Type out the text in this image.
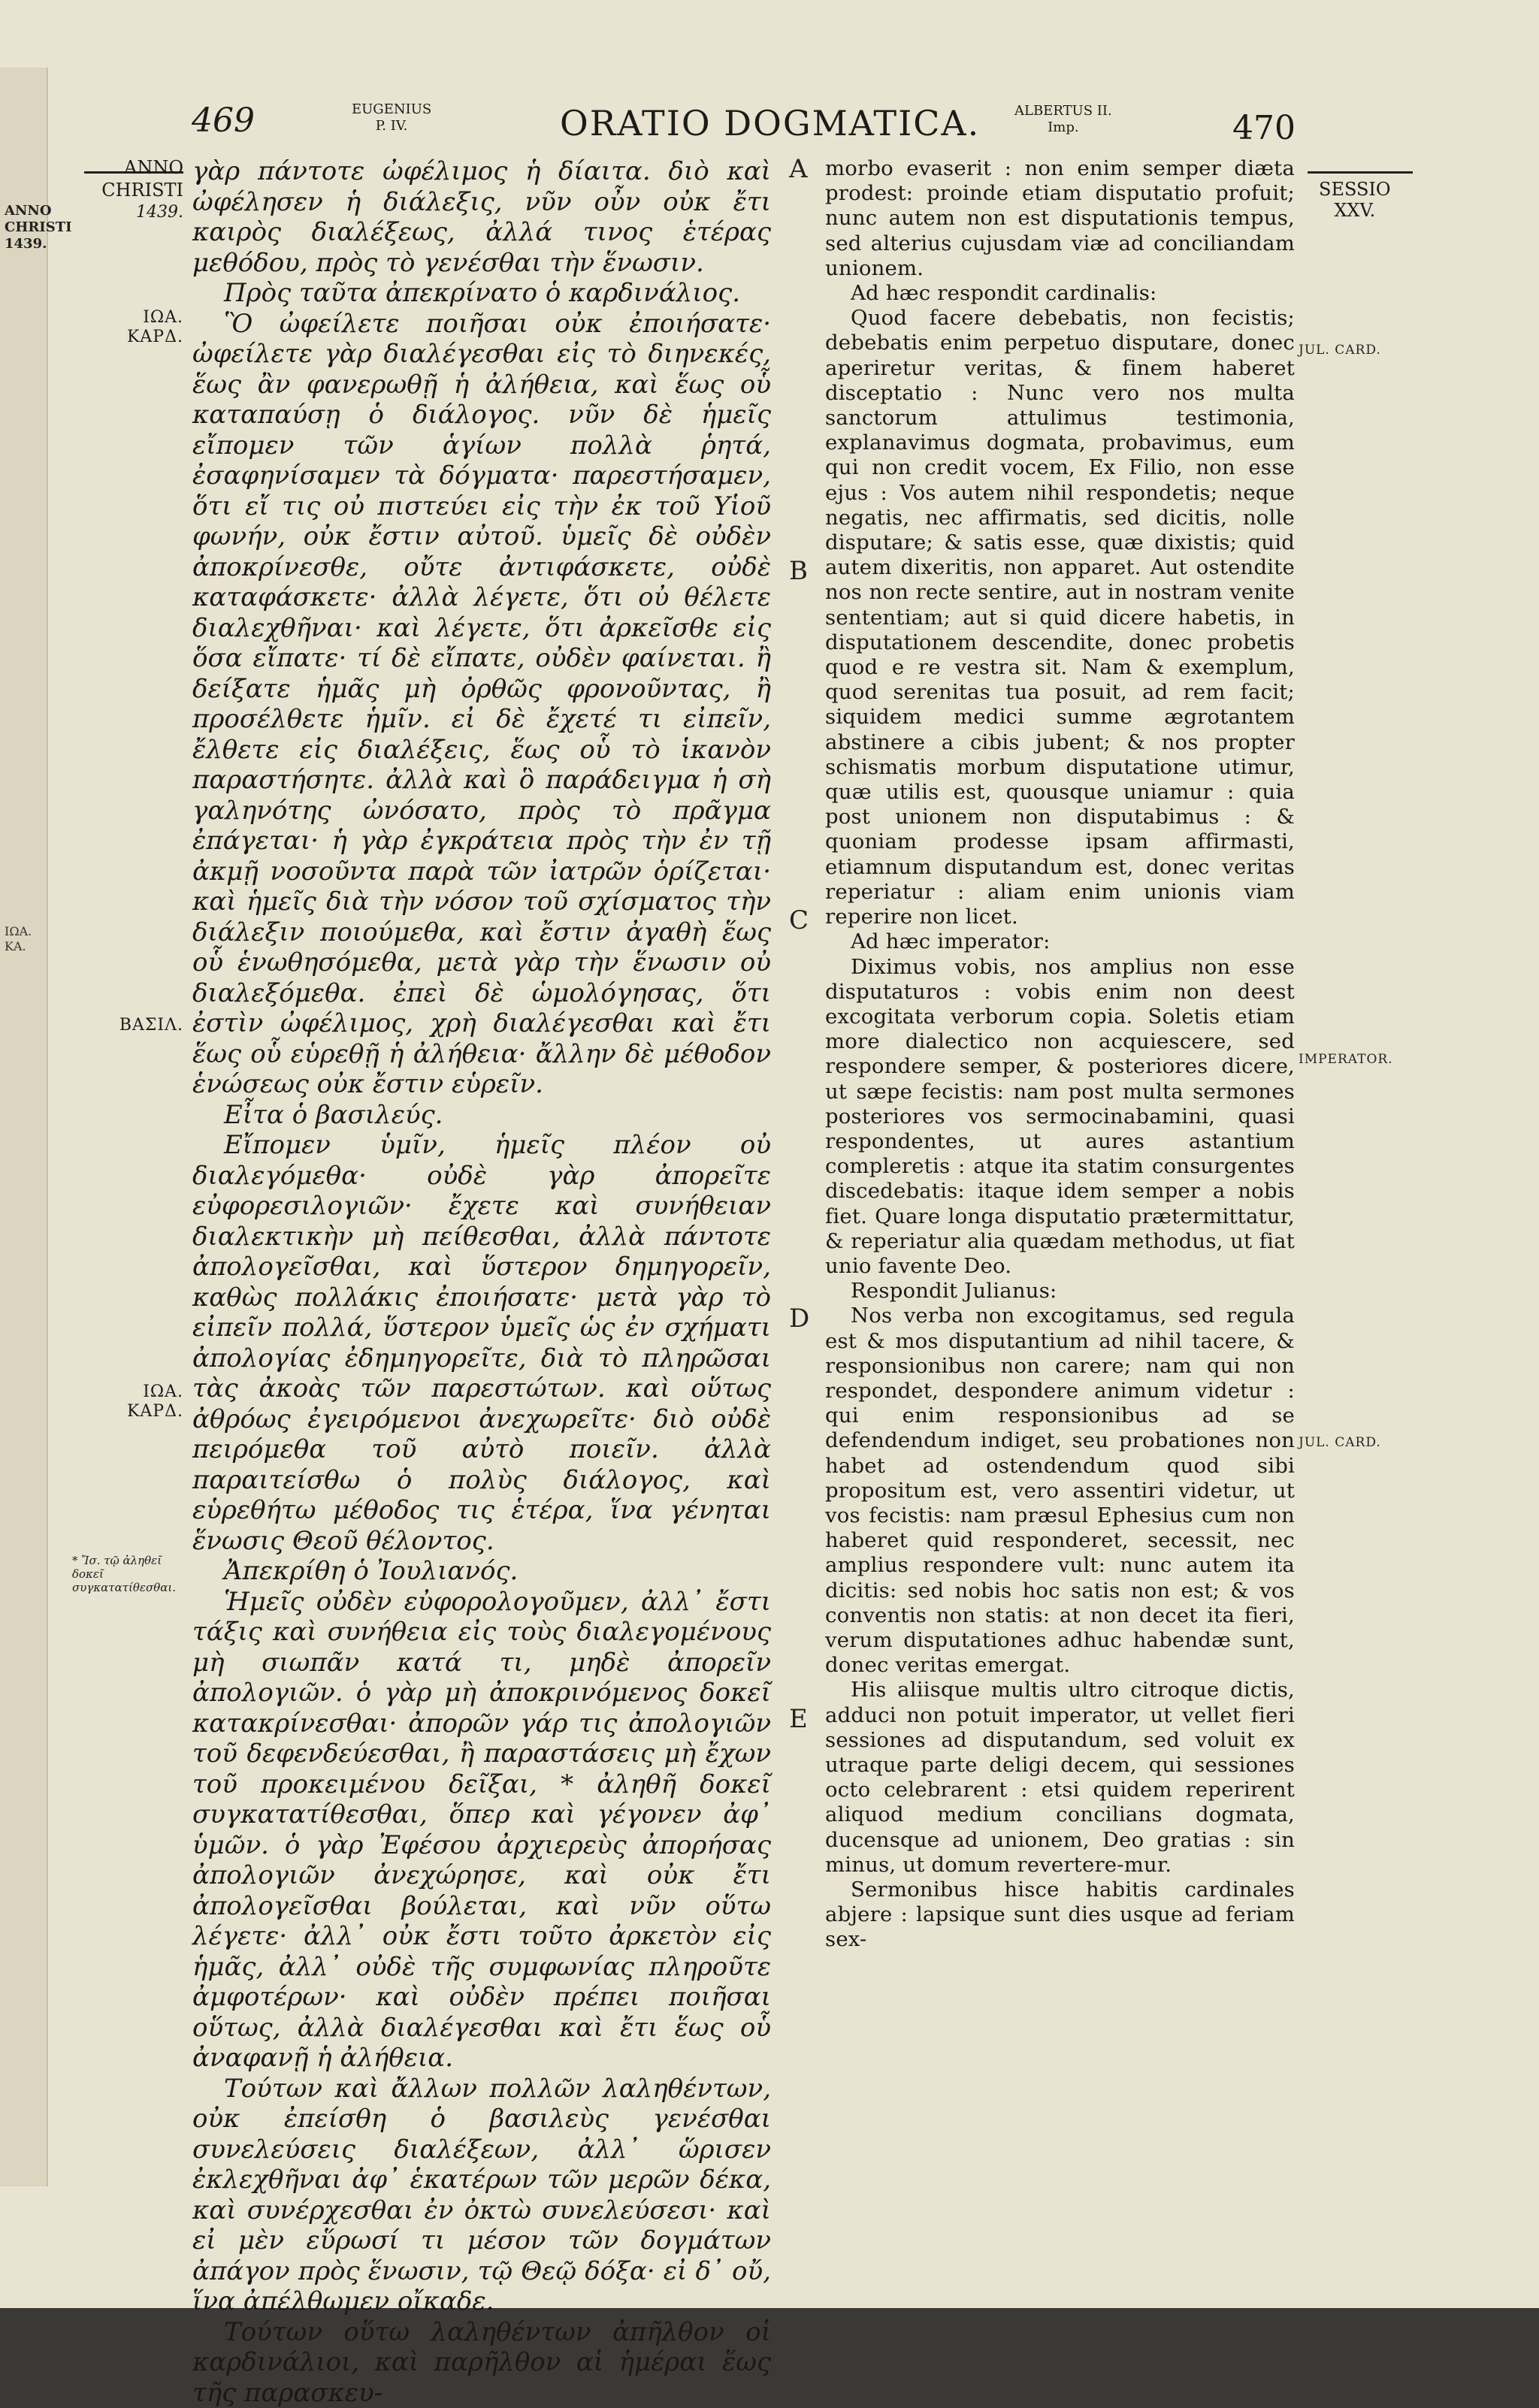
ANNO
CHRISTI
1439.
ΙΩΑ.
ΚΑ.
469	EUGENIUS
P. IV.	ORATIO DOGMATICA.	ALBERTUS II.
Imp.	470
ANNO
CHRISTI
1439.
ΙΩΑ.
ΚΑΡΔ.
ΒΑΣΙΛ.
ΙΩΑ.
ΚΑΡΔ.
* Ἴσ. τῷ ἀληθεῖ δοκεῖ συγκατατίθεσθαι.

γὰρ πάντοτε ὠφέλιμος ἡ δίαιτα. διὸ καὶ ὠφέλησεν ἡ διάλεξις, νῦν οὖν οὐκ ἔτι καιρὸς διαλέξεως, ἀλλά τινος ἑτέρας μεθόδου, πρὸς τὸ γενέσθαι τὴν ἕνωσιν.

Πρὸς ταῦτα ἀπεκρίνατο ὁ καρδινάλιος.

Ὃ ὠφείλετε ποιῆσαι οὐκ ἐποιήσατε· ὠφείλετε γὰρ διαλέγεσθαι εἰς τὸ διηνεκές, ἕως ἂν φανερωθῇ ἡ ἀλήθεια, καὶ ἕως οὗ καταπαύσῃ ὁ διάλογος. νῦν δὲ ἡμεῖς εἴπομεν τῶν ἁγίων πολλὰ ῥητά, ἐσαφηνίσαμεν τὰ δόγματα· παρεστήσαμεν, ὅτι εἴ τις οὐ πιστεύει εἰς τὴν ἐκ τοῦ Υἱοῦ φωνήν, οὐκ ἔστιν αὐτοῦ. ὑμεῖς δὲ οὐδὲν ἀποκρίνεσθε, οὔτε ἀντιφάσκετε, οὐδὲ καταφάσκετε· ἀλλὰ λέγετε, ὅτι οὐ θέλετε διαλεχθῆναι· καὶ λέγετε, ὅτι ἀρκεῖσθε εἰς ὅσα εἴπατε· τί δὲ εἴπατε, οὐδὲν φαίνεται. ἢ δείξατε ἡμᾶς μὴ ὀρθῶς φρονοῦντας, ἢ προσέλθετε ἡμῖν. εἰ δὲ ἔχετέ τι εἰπεῖν, ἔλθετε εἰς διαλέξεις, ἕως οὗ τὸ ἱκανὸν παραστήσητε. ἀλλὰ καὶ ὃ παράδειγμα ἡ σὴ γαληνότης ὠνόσατο, πρὸς τὸ πρᾶγμα ἐπάγεται· ἡ γὰρ ἐγκράτεια πρὸς τὴν ἐν τῇ ἀκμῇ νοσοῦντα παρὰ τῶν ἰατρῶν ὁρίζεται· καὶ ἡμεῖς διὰ τὴν νόσον τοῦ σχίσματος τὴν διάλεξιν ποιούμεθα, καὶ ἔστιν ἀγαθὴ ἕως οὗ ἑνωθησόμεθα, μετὰ γὰρ τὴν ἕνωσιν οὐ διαλεξόμεθα. ἐπεὶ δὲ ὡμολόγησας, ὅτι ἐστὶν ὠφέλιμος, χρὴ διαλέγεσθαι καὶ ἔτι ἕως οὗ εὑρεθῇ ἡ ἀλήθεια· ἄλλην δὲ μέθοδον ἑνώσεως οὐκ ἔστιν εὑρεῖν.

Εἶτα ὁ βασιλεύς.

Εἴπομεν ὑμῖν, ἡμεῖς πλέον οὐ διαλεγόμεθα· οὐδὲ γὰρ ἀπορεῖτε εὐφορεσιλογιῶν· ἔχετε καὶ συνήθειαν διαλεκτικὴν μὴ πείθεσθαι, ἀλλὰ πάντοτε ἀπολογεῖσθαι, καὶ ὕστερον δημηγορεῖν, καθὼς πολλάκις ἐποιήσατε· μετὰ γὰρ τὸ εἰπεῖν πολλά, ὕστερον ὑμεῖς ὡς ἐν σχήματι ἀπολογίας ἐδημηγορεῖτε, διὰ τὸ πληρῶσαι τὰς ἀκοὰς τῶν παρεστώτων. καὶ οὕτως ἀθρόως ἐγειρόμενοι ἀνεχωρεῖτε· διὸ οὐδὲ πειρόμεθα τοῦ αὐτὸ ποιεῖν. ἀλλὰ παραιτείσθω ὁ πολὺς διάλογος, καὶ εὑρεθήτω μέθοδος τις ἑτέρα, ἵνα γένηται ἕνωσις Θεοῦ θέλοντος.

Ἀπεκρίθη ὁ Ἰουλιανός.

Ἡμεῖς οὐδὲν εὐφορολογοῦμεν, ἀλλ᾽ ἔστι τάξις καὶ συνήθεια εἰς τοὺς διαλεγομένους μὴ σιωπᾶν κατά τι, μηδὲ ἀπορεῖν ἀπολογιῶν. ὁ γὰρ μὴ ἀποκρινόμενος δοκεῖ κατακρίνεσθαι· ἀπορῶν γάρ τις ἀπολογιῶν τοῦ δεφενδεύεσθαι, ἢ παραστάσεις μὴ ἔχων τοῦ προκειμένου δεῖξαι, * ἀληθῆ δοκεῖ συγκατατίθεσθαι, ὅπερ καὶ γέγονεν ἀφ᾽ ὑμῶν. ὁ γὰρ Ἐφέσου ἀρχιερεὺς ἀπορήσας ἀπολογιῶν ἀνεχώρησε, καὶ οὐκ ἔτι ἀπολογεῖσθαι βούλεται, καὶ νῦν οὕτω λέγετε· ἀλλ᾽ οὐκ ἔστι τοῦτο ἀρκετὸν εἰς ἡμᾶς, ἀλλ᾽ οὐδὲ τῆς συμφωνίας πληροῦτε ἀμφοτέρων· καὶ οὐδὲν πρέπει ποιῆσαι οὕτως, ἀλλὰ διαλέγεσθαι καὶ ἔτι ἕως οὗ ἀναφανῇ ἡ ἀλήθεια.

Τούτων καὶ ἄλλων πολλῶν λαληθέντων, οὐκ ἐπείσθη ὁ βασιλεὺς γενέσθαι συνελεύσεις διαλέξεων, ἀλλ᾽ ὥρισεν ἐκλεχθῆναι ἀφ᾽ ἑκατέρων τῶν μερῶν δέκα, καὶ συνέρχεσθαι ἐν ὀκτὼ συνελεύσεσι· καὶ εἰ μὲν εὕρωσί τι μέσον τῶν δογμάτων ἀπάγον πρὸς ἕνωσιν, τῷ Θεῷ δόξα· εἰ δ᾽ οὔ, ἵνα ἀπέλθωμεν οἴκαδε.

Τούτων οὕτω λαληθέντων ἀπῆλθον οἱ καρδινάλιοι, καὶ παρῆλθον αἱ ἡμέραι ἕως τῆς παρασκευ-

A
B
C
D
E

morbo evaserit : non enim semper diæta prodest: proinde etiam disputatio profuit; nunc autem non est disputationis tempus, sed alterius cujusdam viæ ad conciliandam unionem.

Ad hæc respondit cardinalis:

Quod facere debebatis, non fecistis; debebatis enim perpetuo disputare, donec aperiretur veritas, & finem haberet disceptatio : Nunc vero nos multa sanctorum attulimus testimonia, explanavimus dogmata, probavimus, eum qui non credit vocem, Ex Filio, non esse ejus : Vos autem nihil respondetis; neque negatis, nec affirmatis, sed dicitis, nolle disputare; & satis esse, quæ dixistis; quid autem dixeritis, non apparet. Aut ostendite nos non recte sentire, aut in nostram venite sententiam; aut si quid dicere habetis, in disputationem descendite, donec probetis quod e re vestra sit. Nam & exemplum, quod serenitas tua posuit, ad rem facit; siquidem medici summe ægrotantem abstinere a cibis jubent; & nos propter schismatis morbum disputatione utimur, quæ utilis est, quousque uniamur : quia post unionem non disputabimus : & quoniam prodesse ipsam affirmasti, etiamnum disputandum est, donec veritas reperiatur : aliam enim unionis viam reperire non licet.

Ad hæc imperator:

Diximus vobis, nos amplius non esse disputaturos : vobis enim non deest excogitata verborum copia. Soletis etiam more dialectico non acquiescere, sed respondere semper, & posteriores dicere, ut sæpe fecistis: nam post multa sermones posteriores vos sermocinabamini, quasi respondentes, ut aures astantium compleretis : atque ita statim consurgentes discedebatis: itaque idem semper a nobis fiet. Quare longa disputatio prætermittatur, & reperiatur alia quædam methodus, ut fiat unio favente Deo.

Respondit Julianus:

Nos verba non excogitamus, sed regula est & mos disputantium ad nihil tacere, & responsionibus non carere; nam qui non respondet, despondere animum videtur : qui enim responsionibus ad se defendendum indiget, seu probationes non habet ad ostendendum quod sibi propositum est, vero assentiri videtur, ut vos fecistis: nam præsul Ephesius cum non haberet quid responderet, secessit, nec amplius respondere vult: nunc autem ita dicitis: sed nobis hoc satis non est; & vos conventis non statis: at non decet ita fieri, verum disputationes adhuc habendæ sunt, donec veritas emergat.

His aliisque multis ultro citroque dictis, adduci non potuit imperator, ut vellet fieri sessiones ad disputandum, sed voluit ex utraque parte deligi decem, qui sessiones octo celebrarent : etsi quidem reperirent aliquod medium concilians dogmata, ducensque ad unionem, Deo gratias : sin minus, ut domum revertere-mur.

Sermonibus hisce habitis cardinales abjere : lapsique sunt dies usque ad feriam sex-

SESSIO
XXV.
JUL. CARD.
IMPERATOR.
JUL. CARD.
